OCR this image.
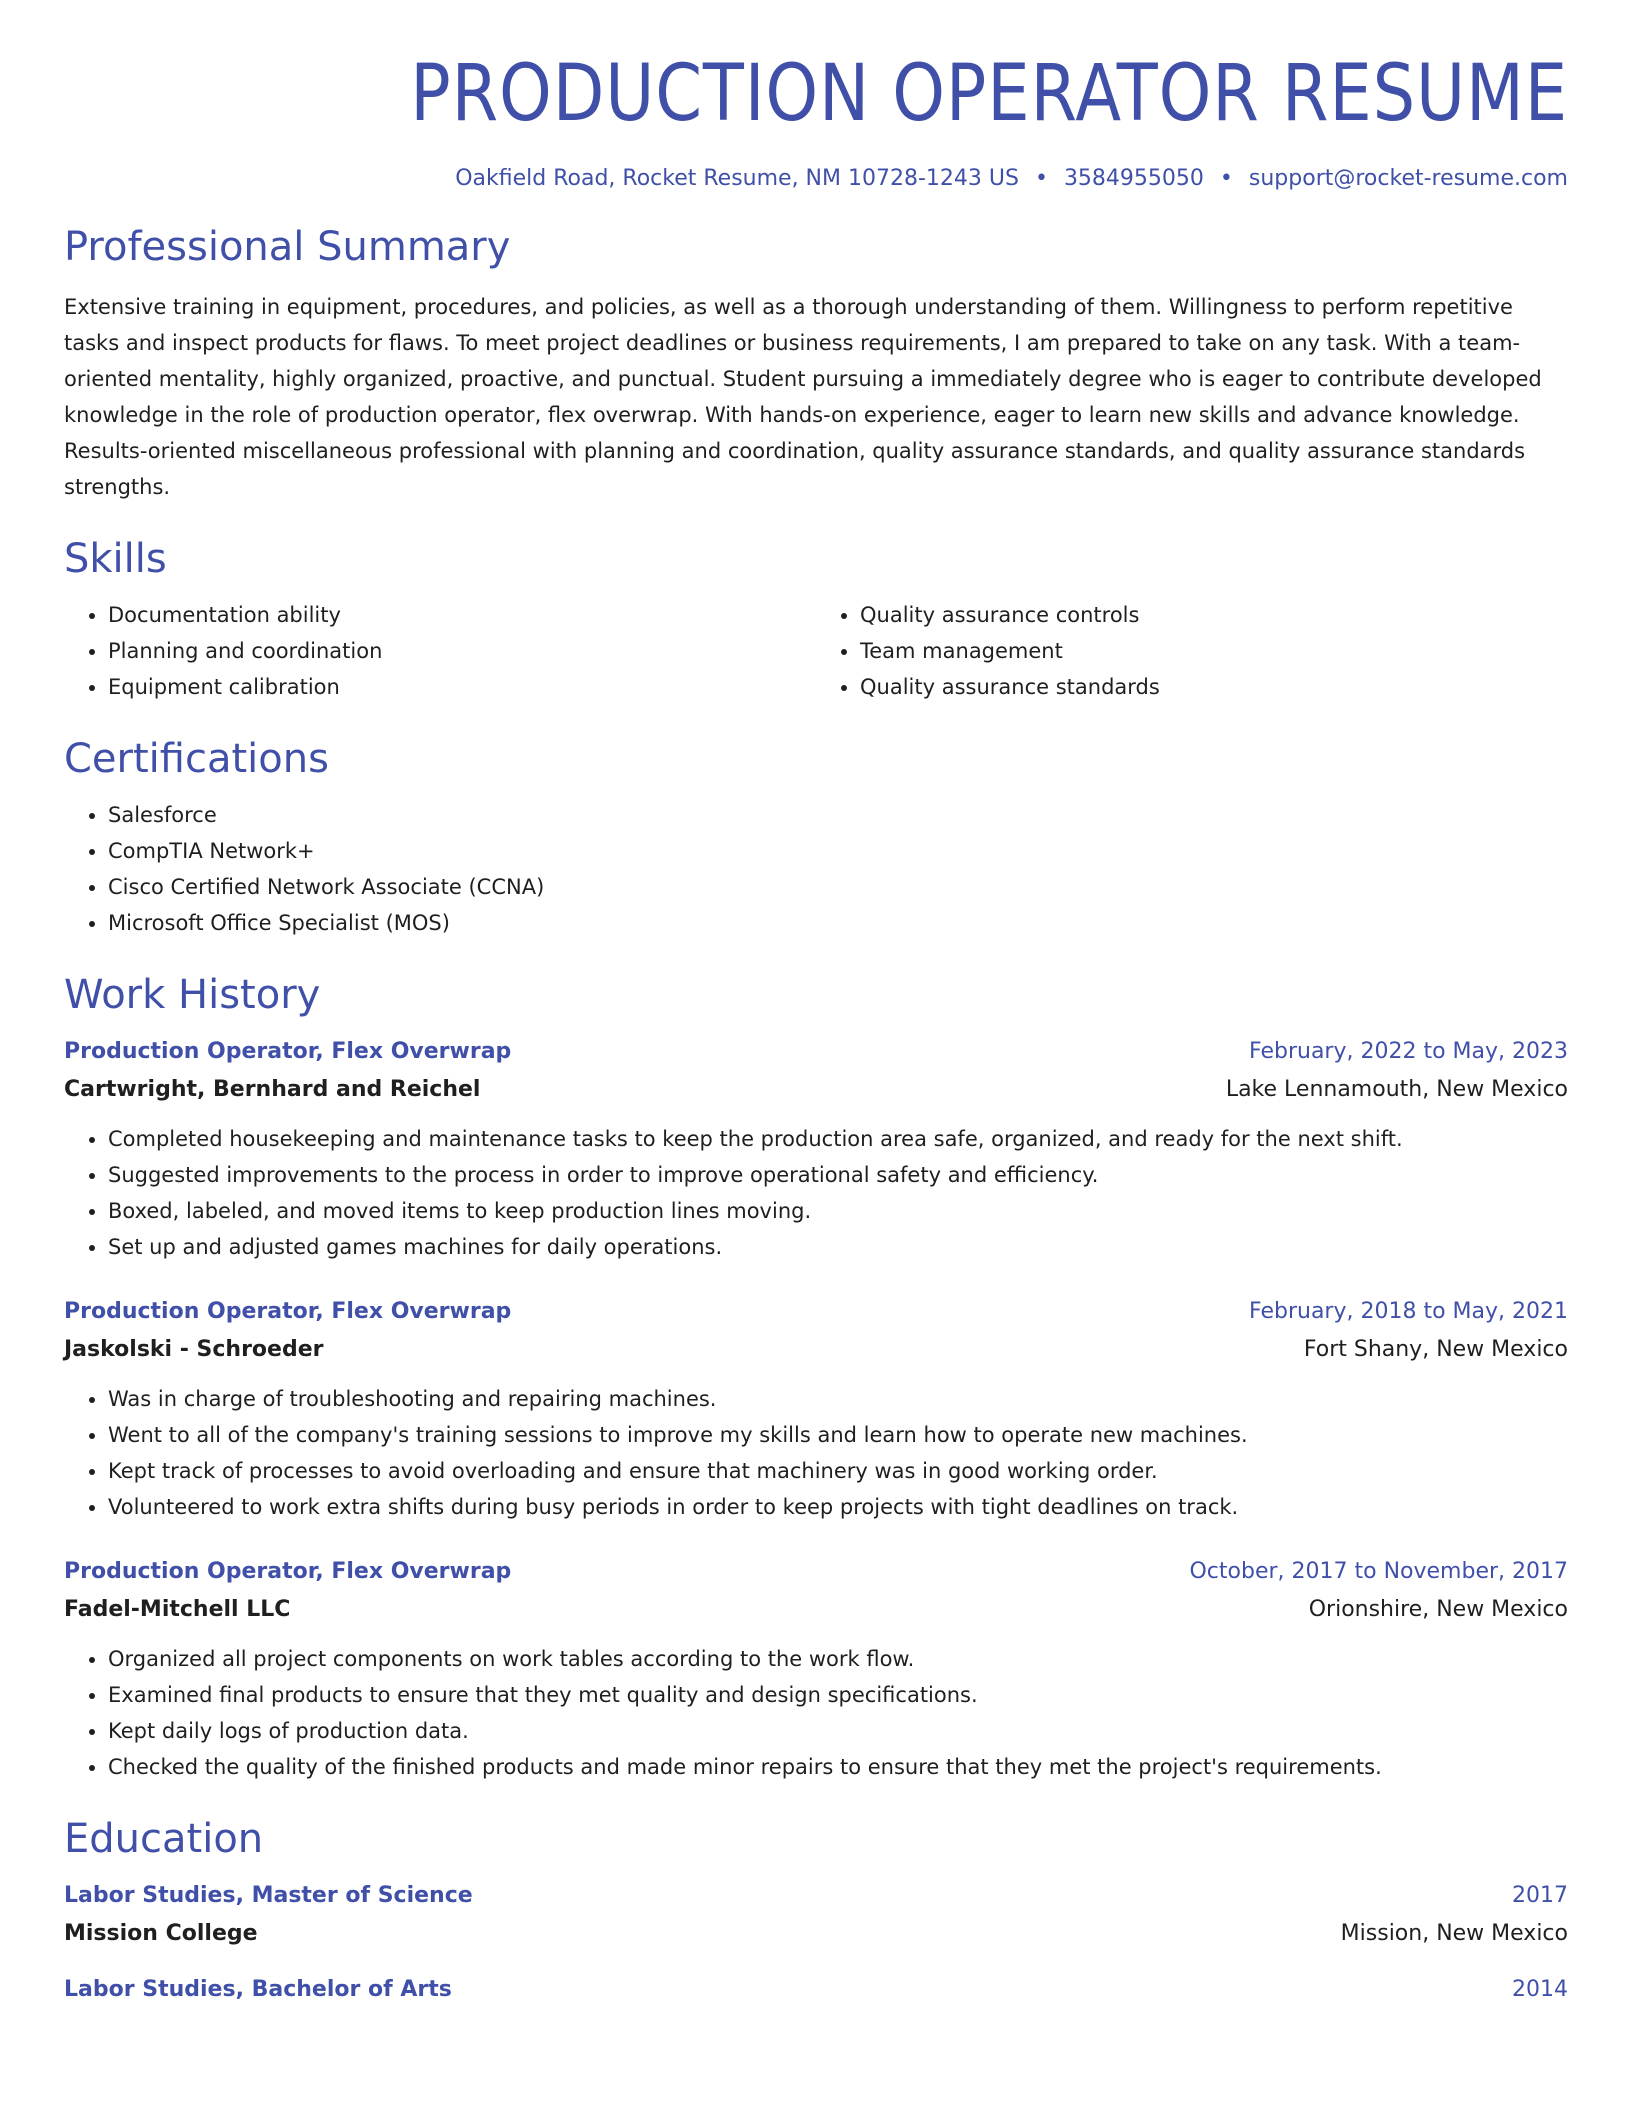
PRODUCTION OPERATOR RESUME
Oakfield Road, Rocket Resume, NM 10728-1243 US • 3584955050 • support@rocket-resume.com
Professional Summary
Extensive training in equipment, procedures, and policies, as well as a thorough understanding of them. Willingness to perform repetitive tasks and inspect products for flaws. To meet project deadlines or business requirements, I am prepared to take on any task. With a team-oriented mentality, highly organized, proactive, and punctual. Student pursuing a immediately degree who is eager to contribute developed knowledge in the role of production operator, flex overwrap. With hands-on experience, eager to learn new skills and advance knowledge. Results-oriented miscellaneous professional with planning and coordination, quality assurance standards, and quality assurance standards strengths.
Skills
• Documentation ability
• Planning and coordination
• Equipment calibration
• Quality assurance controls
• Team management
• Quality assurance standards
Certifications
• Salesforce
• CompTIA Network+
• Cisco Certified Network Associate (CCNA)
• Microsoft Office Specialist (MOS)
Work History
Production Operator, Flex Overwrap	February, 2022 to May, 2023
Cartwright, Bernhard and Reichel	Lake Lennamouth, New Mexico
• Completed housekeeping and maintenance tasks to keep the production area safe, organized, and ready for the next shift.
• Suggested improvements to the process in order to improve operational safety and efficiency.
• Boxed, labeled, and moved items to keep production lines moving.
• Set up and adjusted games machines for daily operations.
Production Operator, Flex Overwrap	February, 2018 to May, 2021
Jaskolski - Schroeder	Fort Shany, New Mexico
• Was in charge of troubleshooting and repairing machines.
• Went to all of the company's training sessions to improve my skills and learn how to operate new machines.
• Kept track of processes to avoid overloading and ensure that machinery was in good working order.
• Volunteered to work extra shifts during busy periods in order to keep projects with tight deadlines on track.
Production Operator, Flex Overwrap	October, 2017 to November, 2017
Fadel-Mitchell LLC	Orionshire, New Mexico
• Organized all project components on work tables according to the work flow.
• Examined final products to ensure that they met quality and design specifications.
• Kept daily logs of production data.
• Checked the quality of the finished products and made minor repairs to ensure that they met the project's requirements.
Education
Labor Studies, Master of Science	2017
Mission College	Mission, New Mexico
Labor Studies, Bachelor of Arts	2014
